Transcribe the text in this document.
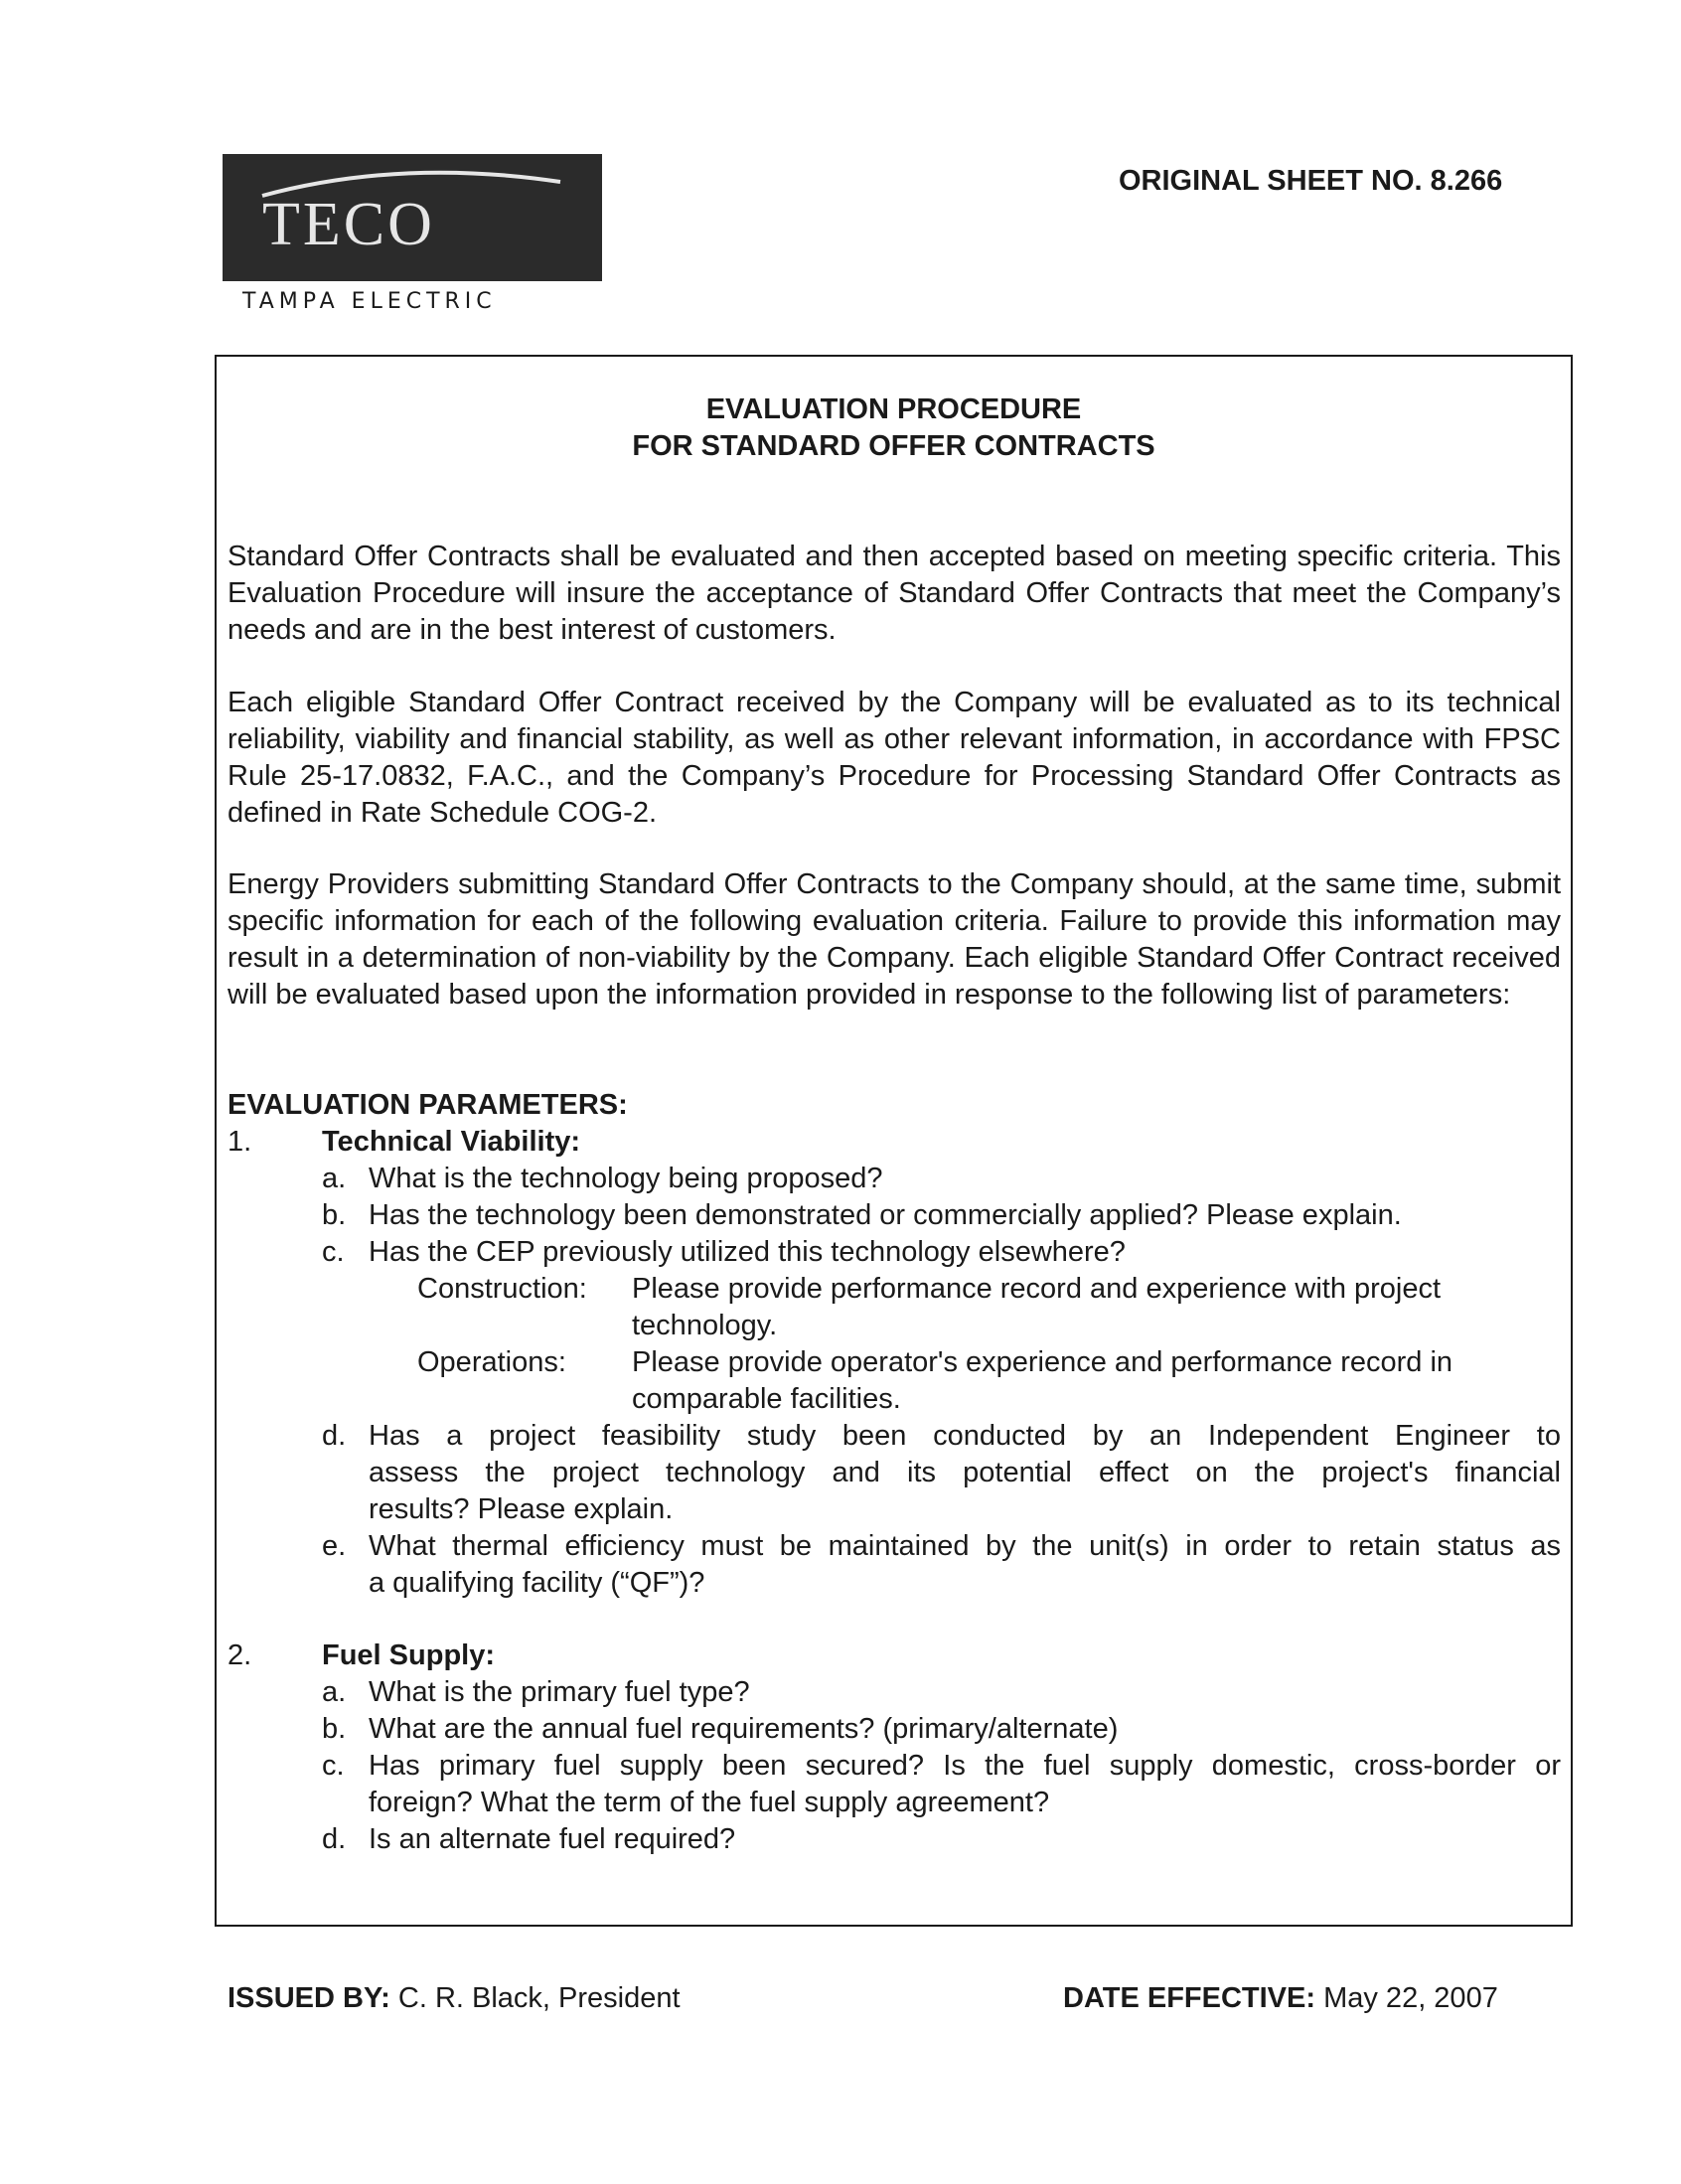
TECO
TAMPA ELECTRIC
ORIGINAL SHEET NO. 8.266
EVALUATION PROCEDURE
FOR STANDARD OFFER CONTRACTS

Standard Offer Contracts shall be evaluated and then accepted based on meeting specific criteria. This Evaluation Procedure will insure the acceptance of Standard Offer Contracts that meet the Company’s needs and are in the best interest of customers.

Each eligible Standard Offer Contract received by the Company will be evaluated as to its technical reliability, viability and financial stability, as well as other relevant information, in accordance with FPSC Rule 25-17.0832, F.A.C., and the Company’s Procedure for Processing Standard Offer Contracts as defined in Rate Schedule COG-2.

Energy Providers submitting Standard Offer Contracts to the Company should, at the same time, submit specific information for each of the following evaluation criteria. Failure to provide this information may result in a determination of non-viability by the Company. Each eligible Standard Offer Contract received will be evaluated based upon the information provided in response to the following list of parameters:

EVALUATION PARAMETERS:
1. Technical Viability:
a. What is the technology being proposed?
b. Has the technology been demonstrated or commercially applied? Please explain.
c. Has the CEP previously utilized this technology elsewhere?
Construction: Please provide performance record and experience with project
technology.
Operations: Please provide operator's experience and performance record in
comparable facilities.
d. Has a project feasibility study been conducted by an Independent Engineer to
assess the project technology and its potential effect on the project's financial
results? Please explain.
e. What thermal efficiency must be maintained by the unit(s) in order to retain status as
a qualifying facility (“QF”)?
2. Fuel Supply:
a. What is the primary fuel type?
b. What are the annual fuel requirements? (primary/alternate)
c. Has primary fuel supply been secured? Is the fuel supply domestic, cross-border or
foreign? What the term of the fuel supply agreement?
d. Is an alternate fuel required?
ISSUED BY: C. R. Black, President	DATE EFFECTIVE: May 22, 2007
